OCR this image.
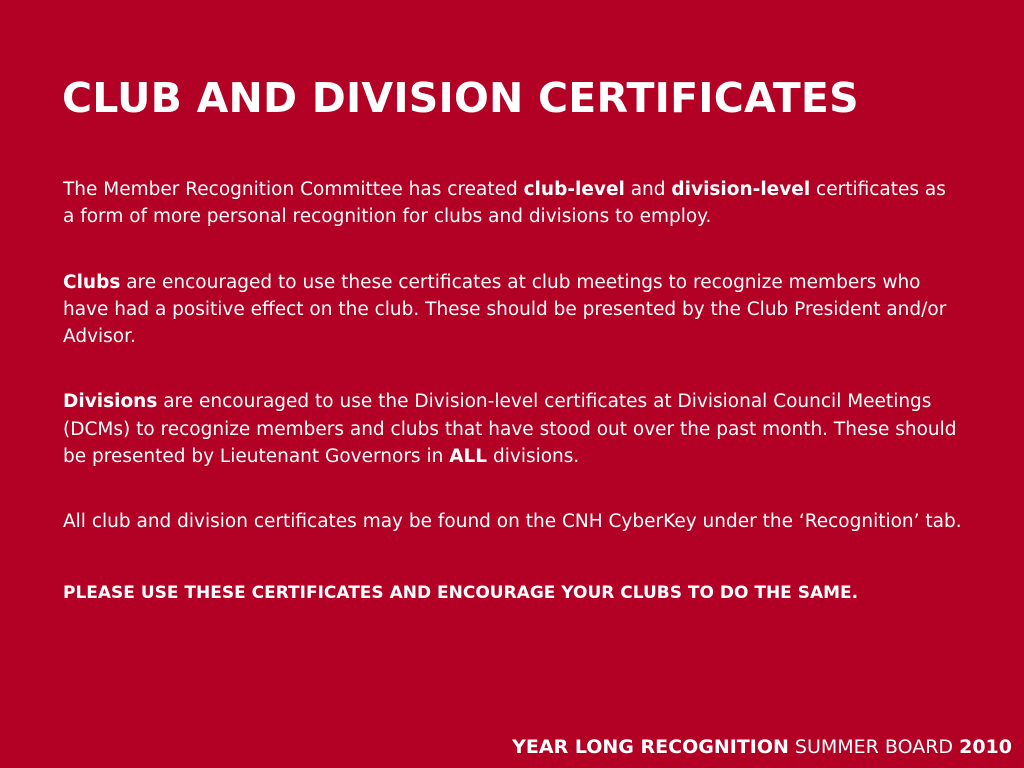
CLUB AND DIVISION CERTIFICATES

The Member Recognition Committee has created club-level and division-level certificates as a form of more personal recognition for clubs and divisions to employ.

Clubs are encouraged to use these certificates at club meetings to recognize members who have had a positive effect on the club. These should be presented by the Club President and/or Advisor.

Divisions are encouraged to use the Division-level certificates at Divisional Council Meetings (DCMs) to recognize members and clubs that have stood out over the past month. These should be presented by Lieutenant Governors in ALL divisions.

All club and division certificates may be found on the CNH CyberKey under the ‘Recognition’ tab.

PLEASE USE THESE CERTIFICATES AND ENCOURAGE YOUR CLUBS TO DO THE SAME.

YEAR LONG RECOGNITION SUMMER BOARD 2010
